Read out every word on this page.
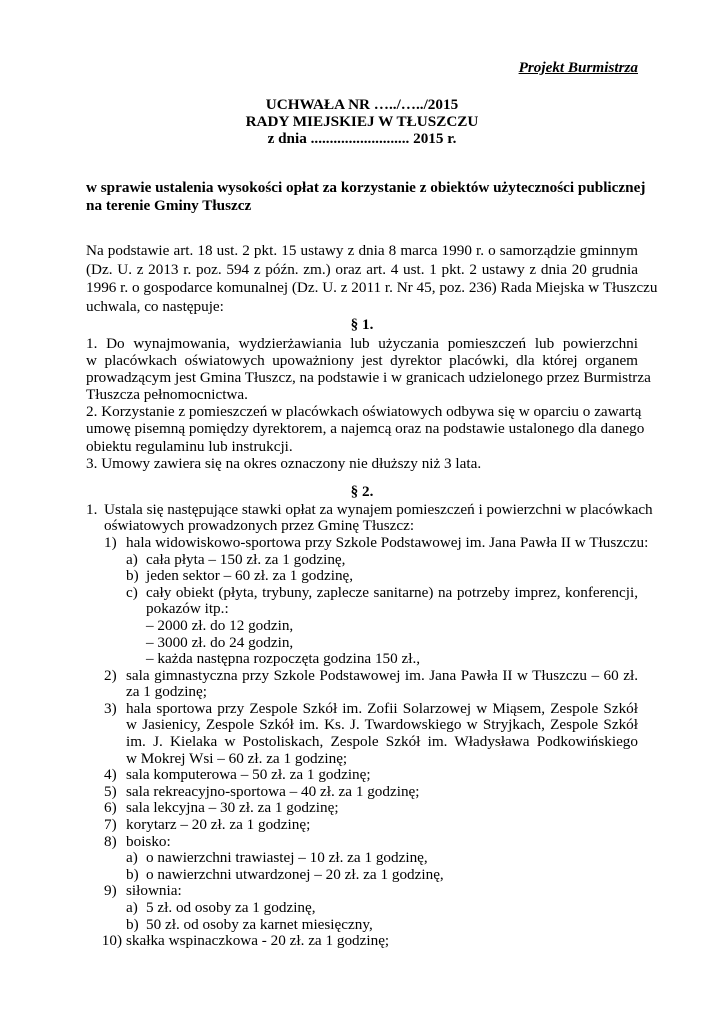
Projekt Burmistrza
UCHWAŁA NR …../…../2015
RADY MIEJSKIEJ W TŁUSZCZU
z dnia .......................... 2015 r.
w sprawie ustalenia wysokości opłat za korzystanie z obiektów użyteczności publicznej
na terenie Gminy Tłuszcz
Na podstawie art. 18 ust. 2 pkt. 15 ustawy z dnia 8 marca 1990 r. o samorządzie gminnym
(Dz. U. z 2013 r. poz. 594 z późn. zm.) oraz art. 4 ust. 1 pkt. 2 ustawy z dnia 20 grudnia
1996 r. o gospodarce komunalnej (Dz. U. z 2011 r. Nr 45, poz. 236) Rada Miejska w Tłuszczu
uchwala, co następuje:
§ 1.
1. Do wynajmowania, wydzierżawiania lub użyczania pomieszczeń lub powierzchni
w placówkach oświatowych upoważniony jest dyrektor placówki, dla której organem
prowadzącym jest Gmina Tłuszcz, na podstawie i w granicach udzielonego przez Burmistrza
Tłuszcza pełnomocnictwa.
2. Korzystanie z pomieszczeń w placówkach oświatowych odbywa się w oparciu o zawartą
umowę pisemną pomiędzy dyrektorem, a najemcą oraz na podstawie ustalonego dla danego
obiektu regulaminu lub instrukcji.
3. Umowy zawiera się na okres oznaczony nie dłuższy niż 3 lata.
§ 2.
1. Ustala się następujące stawki opłat za wynajem pomieszczeń i powierzchni w placówkach
oświatowych prowadzonych przez Gminę Tłuszcz:
1) hala widowiskowo-sportowa przy Szkole Podstawowej im. Jana Pawła II w Tłuszczu:
a) cała płyta – 150 zł. za 1 godzinę,
b) jeden sektor – 60 zł. za 1 godzinę,
c) cały obiekt (płyta, trybuny, zaplecze sanitarne) na potrzeby imprez, konferencji,
pokazów itp.:
– 2000 zł. do 12 godzin,
– 3000 zł. do 24 godzin,
– każda następna rozpoczęta godzina 150 zł.,
2) sala gimnastyczna przy Szkole Podstawowej im. Jana Pawła II w Tłuszczu – 60 zł.
za 1 godzinę;
3) hala sportowa przy Zespole Szkół im. Zofii Solarzowej w Miąsem, Zespole Szkół
w Jasienicy, Zespole Szkół im. Ks. J. Twardowskiego w Stryjkach, Zespole Szkół
im. J. Kielaka w Postoliskach, Zespole Szkół im. Władysława Podkowińskiego
w Mokrej Wsi – 60 zł. za 1 godzinę;
4) sala komputerowa – 50 zł. za 1 godzinę;
5) sala rekreacyjno-sportowa – 40 zł. za 1 godzinę;
6) sala lekcyjna – 30 zł. za 1 godzinę;
7) korytarz – 20 zł. za 1 godzinę;
8) boisko:
a) o nawierzchni trawiastej – 10 zł. za 1 godzinę,
b) o nawierzchni utwardzonej – 20 zł. za 1 godzinę,
9) siłownia:
a) 5 zł. od osoby za 1 godzinę,
b) 50 zł. od osoby za karnet miesięczny,
10) skałka wspinaczkowa - 20 zł. za 1 godzinę;
